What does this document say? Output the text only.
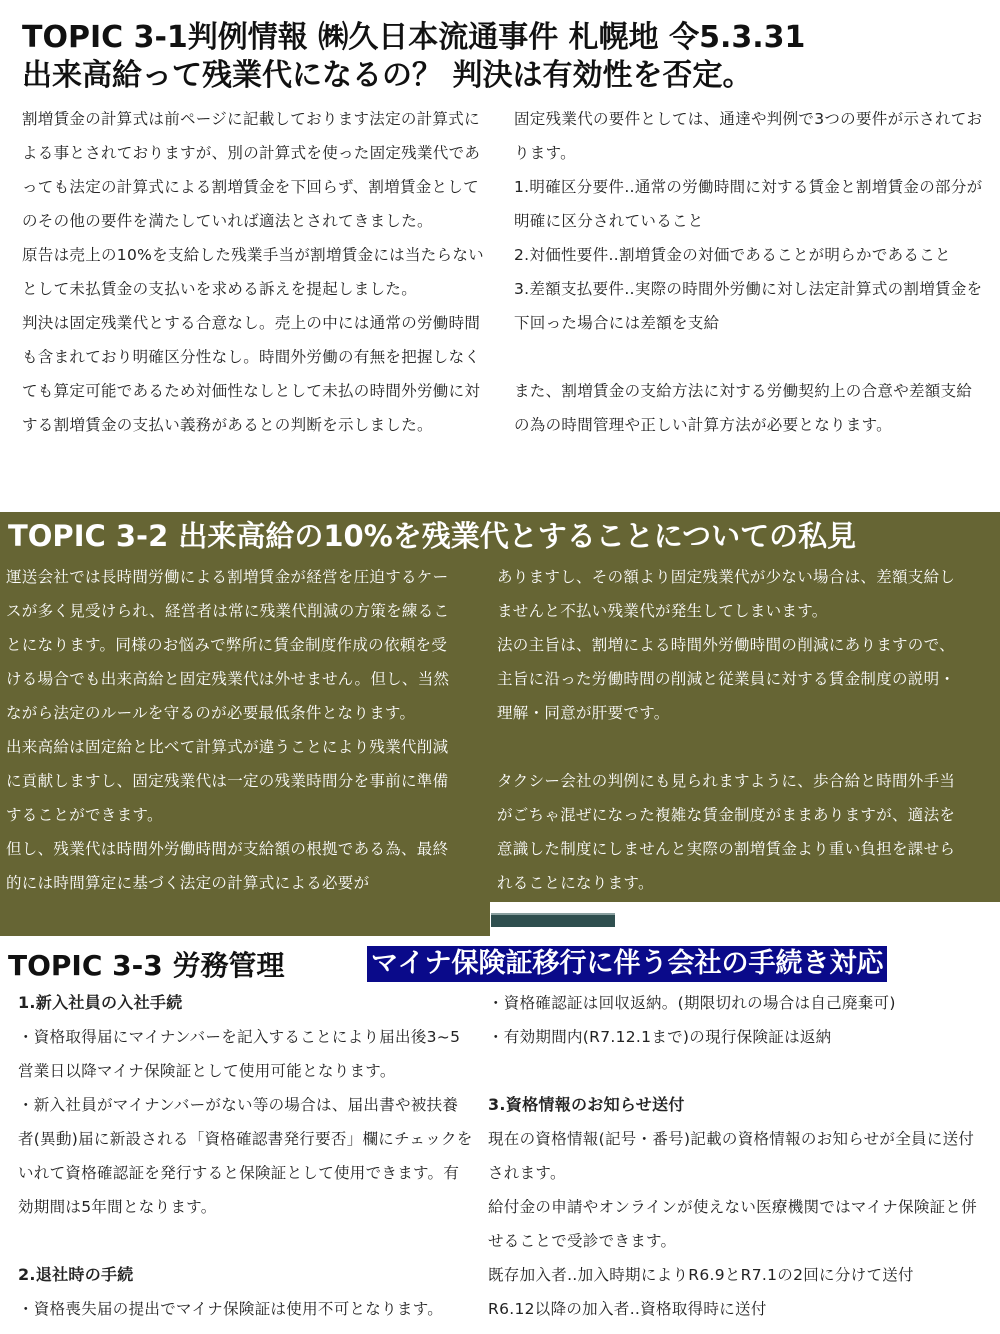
TOPIC 3-1判例情報 ㈱久日本流通事件 札幌地 令5.3.31
出来高給って残業代になるの？ 判決は有効性を否定。

割増賃金の計算式は前ページに記載しております法定の計算式による事とされておりますが、別の計算式を使った固定残業代であっても法定の計算式による割増賃金を下回らず、割増賃金としてのその他の要件を満たしていれば適法とされてきました。

原告は売上の10%を支給した残業手当が割増賃金には当たらないとして未払賃金の支払いを求める訴えを提起しました。

判決は固定残業代とする合意なし。売上の中には通常の労働時間も含まれており明確区分性なし。時間外労働の有無を把握しなくても算定可能であるため対価性なしとして未払の時間外労働に対する割増賃金の支払い義務があるとの判断を示しました。

固定残業代の要件としては、通達や判例で3つの要件が示されております。

1.明確区分要件‥通常の労働時間に対する賃金と割増賃金の部分が明確に区分されていること

2.対価性要件‥割増賃金の対価であることが明らかであること

3.差額支払要件‥実際の時間外労働に対し法定計算式の割増賃金を下回った場合には差額を支給

また、割増賃金の支給方法に対する労働契約上の合意や差額支給の為の時間管理や正しい計算方法が必要となります。

TOPIC 3-2 出来高給の10%を残業代とすることについての私見

運送会社では長時間労働による割増賃金が経営を圧迫するケースが多く見受けられ、経営者は常に残業代削減の方策を練ることになります。同様のお悩みで弊所に賃金制度作成の依頼を受ける場合でも出来高給と固定残業代は外せません。但し、当然ながら法定のルールを守るのが必要最低条件となります。

出来高給は固定給と比べて計算式が違うことにより残業代削減に貢献しますし、固定残業代は一定の残業時間分を事前に準備することができます。

但し、残業代は時間外労働時間が支給額の根拠である為、最終的には時間算定に基づく法定の計算式による必要が

ありますし、その額より固定残業代が少ない場合は、差額支給しませんと不払い残業代が発生してしまいます。

法の主旨は、割増による時間外労働時間の削減にありますので、主旨に沿った労働時間の削減と従業員に対する賃金制度の説明・理解・同意が肝要です。

タクシー会社の判例にも見られますように、歩合給と時間外手当がごちゃ混ぜになった複雑な賃金制度がままありますが、適法を意識した制度にしませんと実際の割増賃金より重い負担を課せられることになります。

TOPIC 3-3 労務管理	マイナ保険証移行に伴う会社の手続き対応

1.新入社員の入社手続

・資格取得届にマイナンバーを記入することにより届出後3~5営業日以降マイナ保険証として使用可能となります。

・新入社員がマイナンバーがない等の場合は、届出書や被扶養者(異動)届に新設される「資格確認書発行要否」欄にチェックをいれて資格確認証を発行すると保険証として使用できます。有効期間は5年間となります。

2.退社時の手続

・資格喪失届の提出でマイナ保険証は使用不可となります。

・資格確認証は回収返納。(期限切れの場合は自己廃棄可)

・有効期間内(R7.12.1まで)の現行保険証は返納

3.資格情報のお知らせ送付

現在の資格情報(記号・番号)記載の資格情報のお知らせが全員に送付されます。

給付金の申請やオンラインが使えない医療機関ではマイナ保険証と併せることで受診できます。

既存加入者‥加入時期によりR6.9とR7.1の2回に分けて送付

R6.12以降の加入者‥資格取得時に送付
